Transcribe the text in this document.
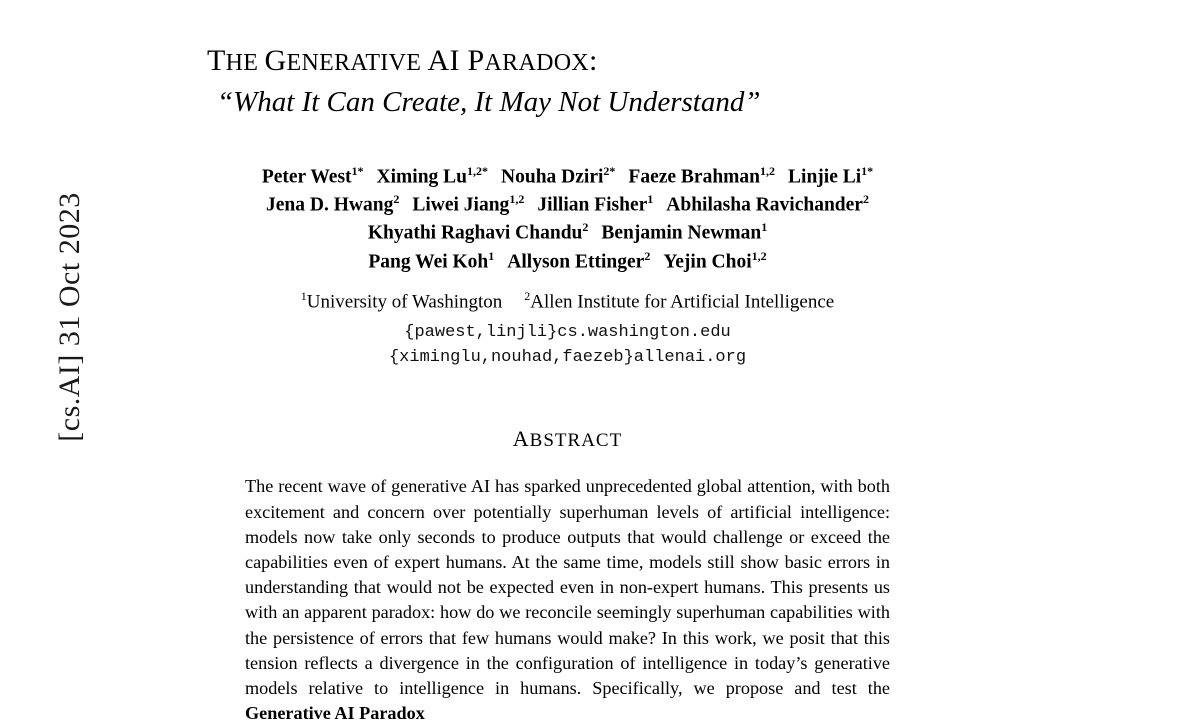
[cs.AI] 31 Oct 2023
THE GENERATIVE AI PARADOX:
“What It Can Create, It May Not Understand”
Peter West$^{1*}$ Ximing $Lu^{1,2*}$ Nouha Dziri$^{2*}$ Faeze Brahman$^{1,2}$ Linjie $Li^{1*}$
Jena D. Hwang$^2$ Liwei Jiang$^{1,2}$ Jillian Fisher$^1$ Abhilasha Ravichander$^2$
Khyathi Raghavi Chandu$^2$ Benjamin Newman$^1$
Pang Wei Koh$^1$ Allyson Ettinger$^2$ Yejin Choi$^{1,2}$
$^1$University of Washington $^2$Allen Institute for Artificial Intelligence
{pawest,linjli}cs.washington.edu
{ximinglu,nouhad,faezeb}allenai.org
ABSTRACT
The recent wave of generative AI has sparked unprecedented global attention, with both excitement and concern over potentially superhuman levels of artificial intelligence: models now take only seconds to produce outputs that would challenge or exceed the capabilities even of expert humans. At the same time, models still show basic errors in understanding that would not be expected even in non-expert humans. This presents us with an apparent paradox: how do we reconcile seemingly superhuman capabilities with the persistence of errors that few humans would make? In this work, we posit that this tension reflects a divergence in the configuration of intelligence in today’s generative models relative to intelligence in humans. Specifically, we propose and test the Generative AI Paradox
